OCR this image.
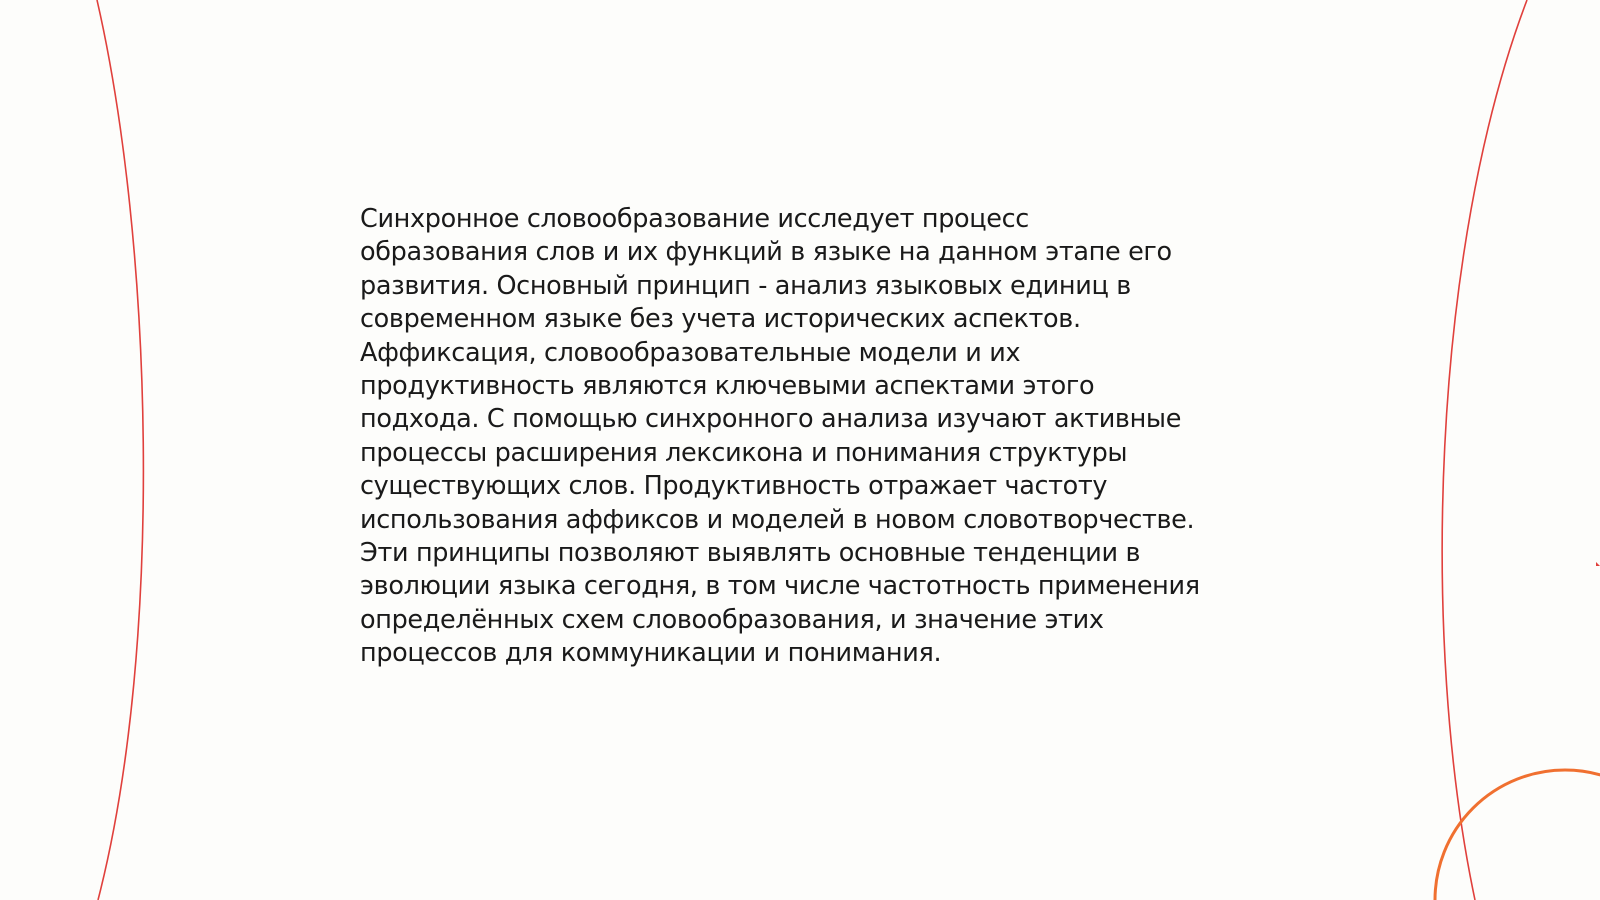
Синхронное словообразование исследует процесс
образования слов и их функций в языке на данном этапе его
развития. Основный принцип - анализ языковых единиц в
современном языке без учета исторических аспектов.
Аффиксация, словообразовательные модели и их
продуктивность являются ключевыми аспектами этого
подхода. С помощью синхронного анализа изучают активные
процессы расширения лексикона и понимания структуры
существующих слов. Продуктивность отражает частоту
использования аффиксов и моделей в новом словотворчестве.
Эти принципы позволяют выявлять основные тенденции в
эволюции языка сегодня, в том числе частотность применения
определённых схем словообразования, и значение этих
процессов для коммуникации и понимания.
